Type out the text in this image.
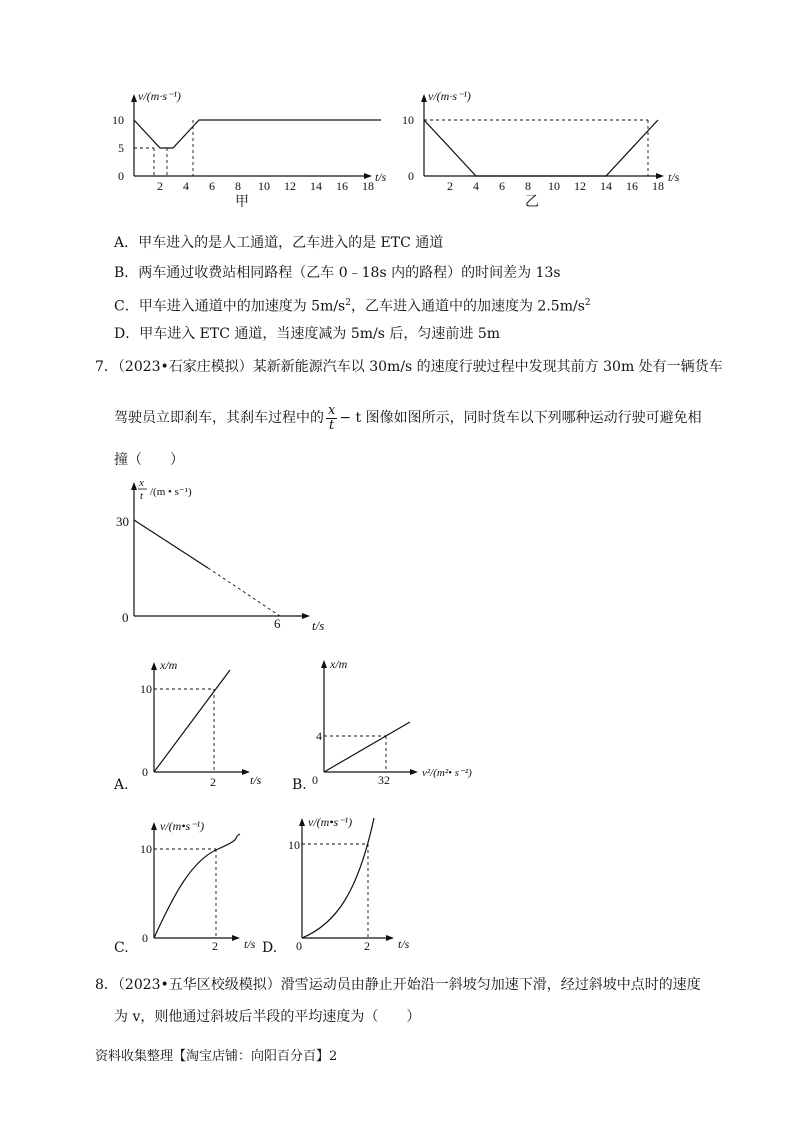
v/(m·s⁻¹)
t/s
0
5
10
2 4 6 8 10 12 14 16 18
甲
v/(m·s⁻¹)
t/s
0
10
2 4 6 8 10 12 14 16 18
乙
A．甲车进入的是人工通道，乙车进入的是 ETC 通道
B．两车通过收费站相同路程（乙车 0﹣18s 内的路程）的时间差为 13s
C．甲车进入通道中的加速度为 $5m/s^2$，乙车进入通道中的加速度为 $2.5m/s^2$
D．甲车进入 ETC 通道，当速度减为 5m/s 后，匀速前进 5m
7．（2023•石家庄模拟）某新新能源汽车以 30m/s 的速度行驶过程中发现其前方 30m 处有一辆货车
驾驶员立即刹车，其刹车过程中的 $\frac{x}{t} - t$ 图像如图所示，同时货车以下列哪种运动行驶可避免相
撞（　　）
x
t /(m • s⁻¹)
t/s
30
0	6
A.
x/m
t/s
10
0
2	B.
x/m
v²/(m²• s⁻²)
4
0	32
C.
v/(m•s⁻¹)
t/s
10
0
2	D.
v/(m•s⁻¹)
t/s
10
0	2
8．（2023•五华区校级模拟）滑雪运动员由静止开始沿一斜坡匀加速下滑，经过斜坡中点时的速度
为 v，则他通过斜坡后半段的平均速度为（　　）
资料收集整理【淘宝店铺：向阳百分百】2
